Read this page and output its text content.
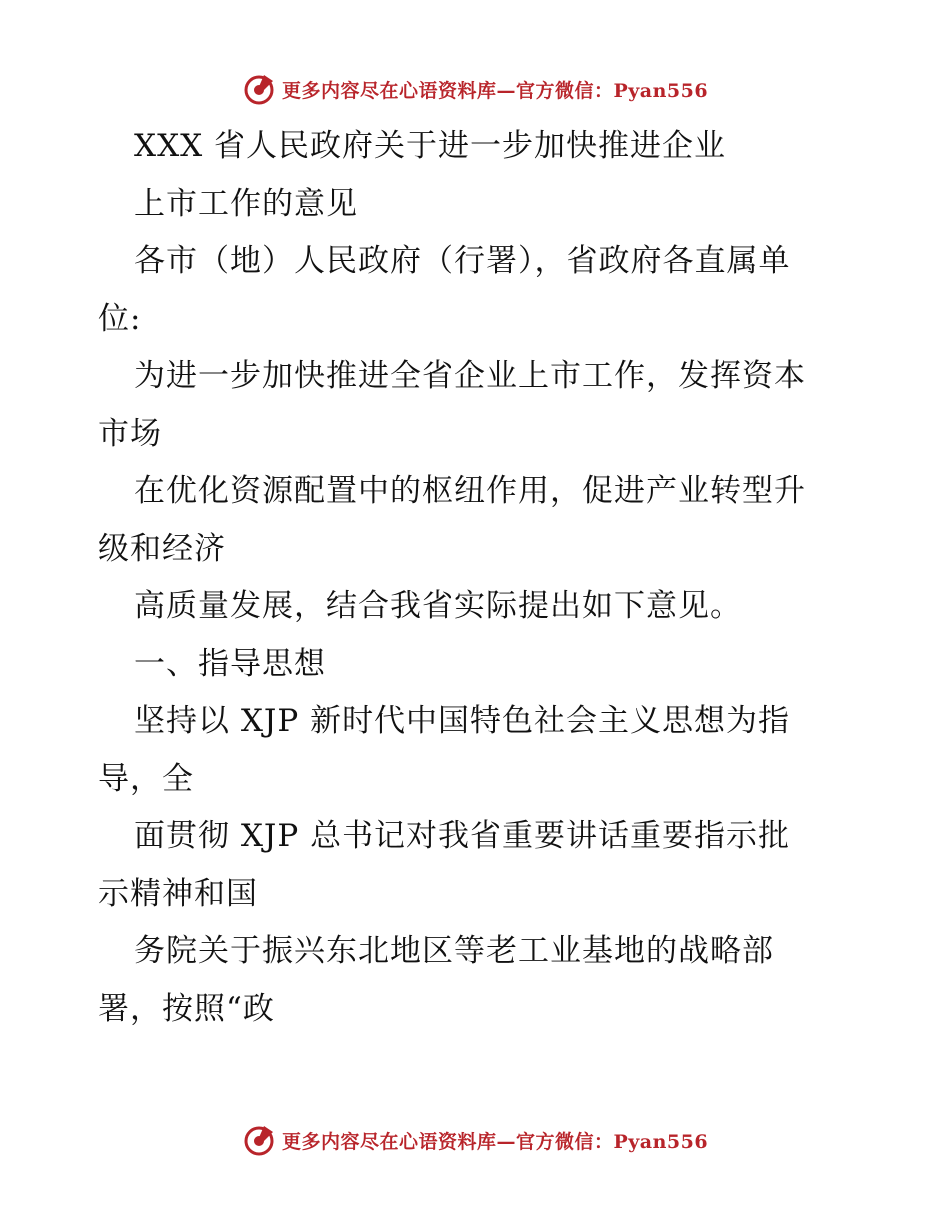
更多内容尽在心语资料库—官方微信：Pyan556
XXX 省人民政府关于进一步加快推进企业
上市工作的意见
各市（地）人民政府（行署），省政府各直属单
位:
为进一步加快推进全省企业上市工作，发挥资本
市场
在优化资源配置中的枢纽作用，促进产业转型升
级和经济
高质量发展，结合我省实际提出如下意见。
一、指导思想
坚持以 XJP 新时代中国特色社会主义思想为指
导，全
面贯彻 XJP 总书记对我省重要讲话重要指示批
示精神和国
务院关于振兴东北地区等老工业基地的战略部
署，按照“政
更多内容尽在心语资料库—官方微信：Pyan556
